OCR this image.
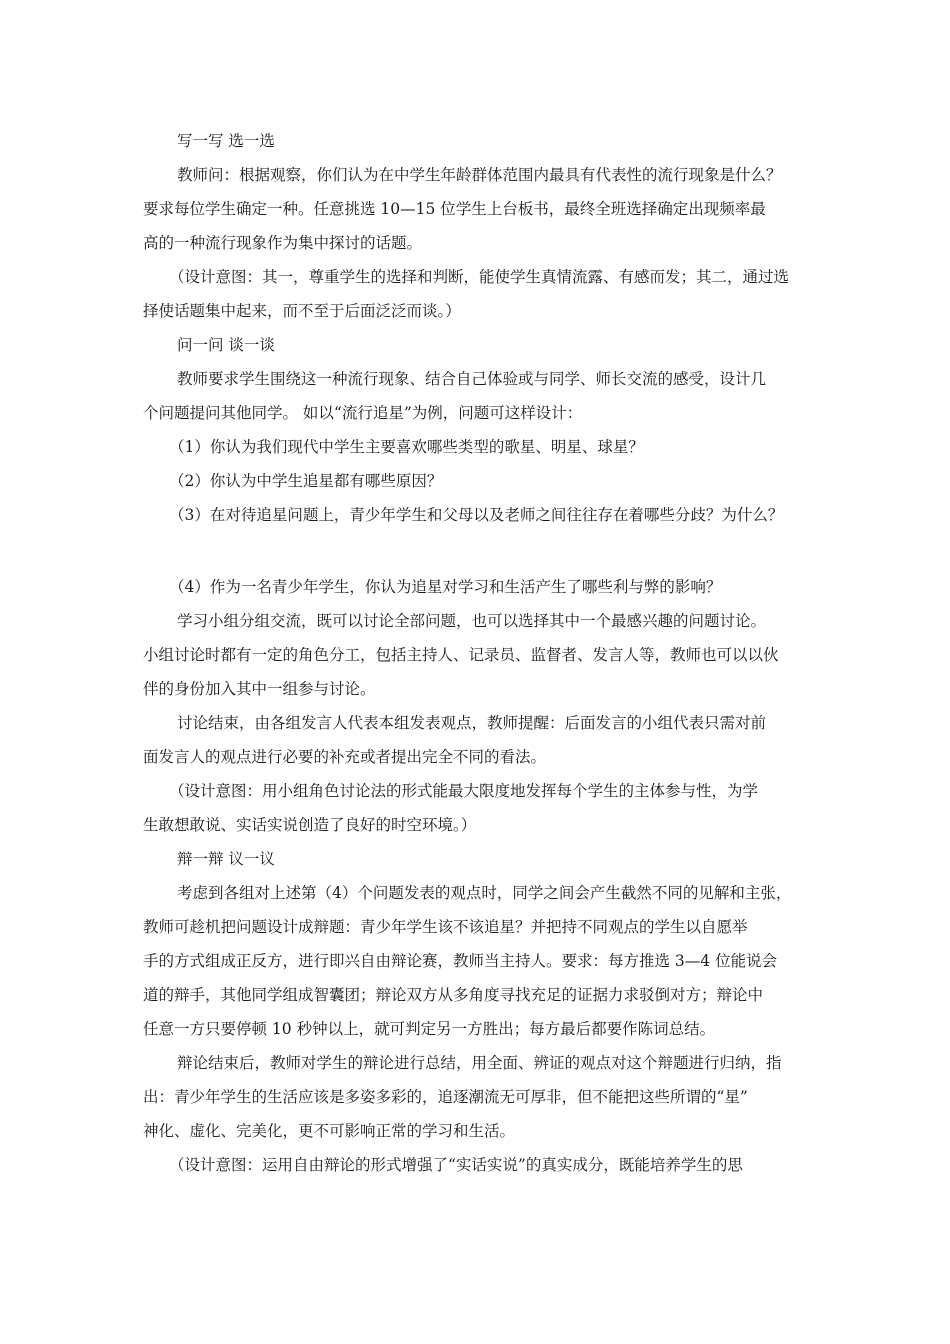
写一写 选一选
教师问：根据观察，你们认为在中学生年龄群体范围内最具有代表性的流行现象是什么？
要求每位学生确定一种。任意挑选 10—15 位学生上台板书，最终全班选择确定出现频率最
高的一种流行现象作为集中探讨的话题。
（设计意图：其一，尊重学生的选择和判断，能使学生真情流露、有感而发；其二，通过选
择使话题集中起来，而不至于后面泛泛而谈。）
问一问 谈一谈
教师要求学生围绕这一种流行现象、结合自己体验或与同学、师长交流的感受，设计几
个问题提问其他同学。 如以“流行追星”为例，问题可这样设计：
（1）你认为我们现代中学生主要喜欢哪些类型的歌星、明星、球星？
（2）你认为中学生追星都有哪些原因？
（3）在对待追星问题上，青少年学生和父母以及老师之间往往存在着哪些分歧？为什么？
（4）作为一名青少年学生，你认为追星对学习和生活产生了哪些利与弊的影响？
学习小组分组交流，既可以讨论全部问题，也可以选择其中一个最感兴趣的问题讨论。
小组讨论时都有一定的角色分工，包括主持人、记录员、监督者、发言人等，教师也可以以伙
伴的身份加入其中一组参与讨论。
讨论结束，由各组发言人代表本组发表观点，教师提醒：后面发言的小组代表只需对前
面发言人的观点进行必要的补充或者提出完全不同的看法。
（设计意图：用小组角色讨论法的形式能最大限度地发挥每个学生的主体参与性，为学
生敢想敢说、实话实说创造了良好的时空环境。）
辩一辩 议一议
考虑到各组对上述第（4）个问题发表的观点时，同学之间会产生截然不同的见解和主张，
教师可趁机把问题设计成辩题：青少年学生该不该追星？并把持不同观点的学生以自愿举
手的方式组成正反方，进行即兴自由辩论赛，教师当主持人。要求：每方推选 3—4 位能说会
道的辩手，其他同学组成智囊团；辩论双方从多角度寻找充足的证据力求驳倒对方；辩论中
任意一方只要停顿 10 秒钟以上，就可判定另一方胜出；每方最后都要作陈词总结。
辩论结束后，教师对学生的辩论进行总结，用全面、辨证的观点对这个辩题进行归纳，指
出：青少年学生的生活应该是多姿多彩的，追逐潮流无可厚非，但不能把这些所谓的“星”
神化、虚化、完美化，更不可影响正常的学习和生活。
（设计意图：运用自由辩论的形式增强了“实话实说”的真实成分，既能培养学生的思
